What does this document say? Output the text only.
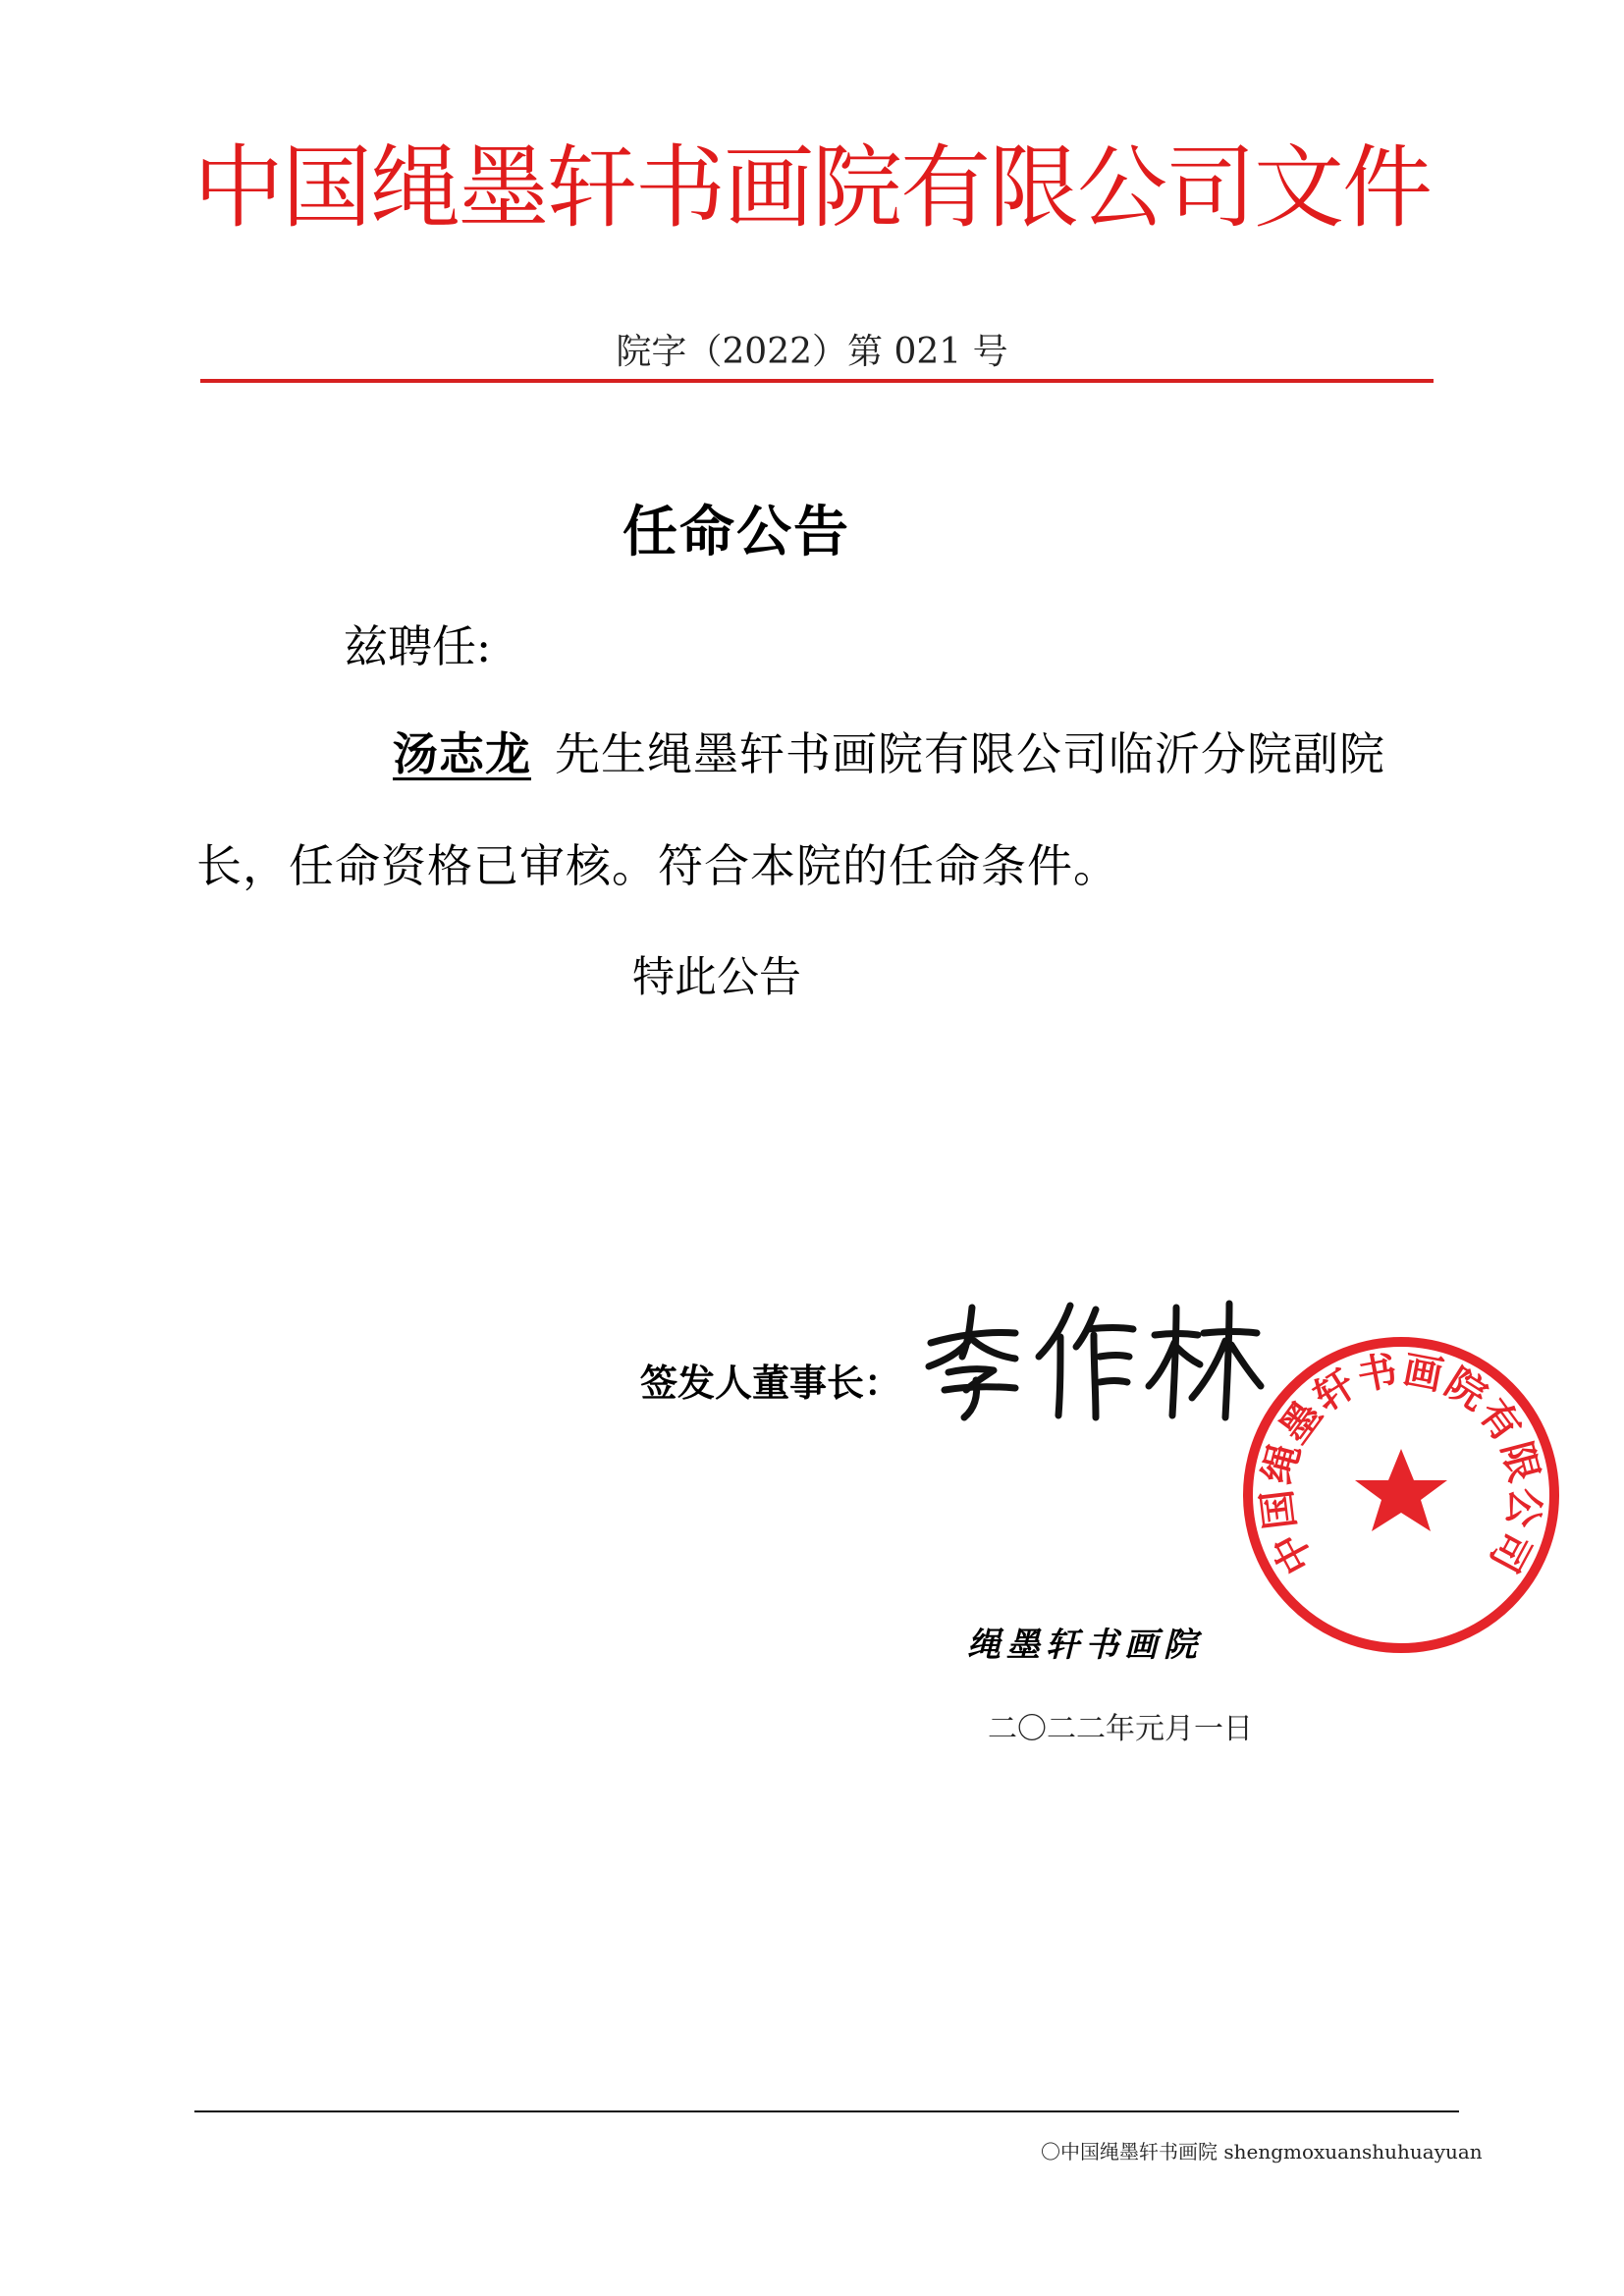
中国绳墨轩书画院有限公司文件
院字（2022）第 021 号
任命公告
兹聘任:
汤志龙 先生绳墨轩书画院有限公司临沂分院副院
长，任命资格已审核。符合本院的任命条件。
特此公告
签发人董事长：
中国绳墨轩书画院有限公司
绳墨轩书画院
二〇二二年元月一日
〇中国绳墨轩书画院 shengmoxuanshuhuayuan
